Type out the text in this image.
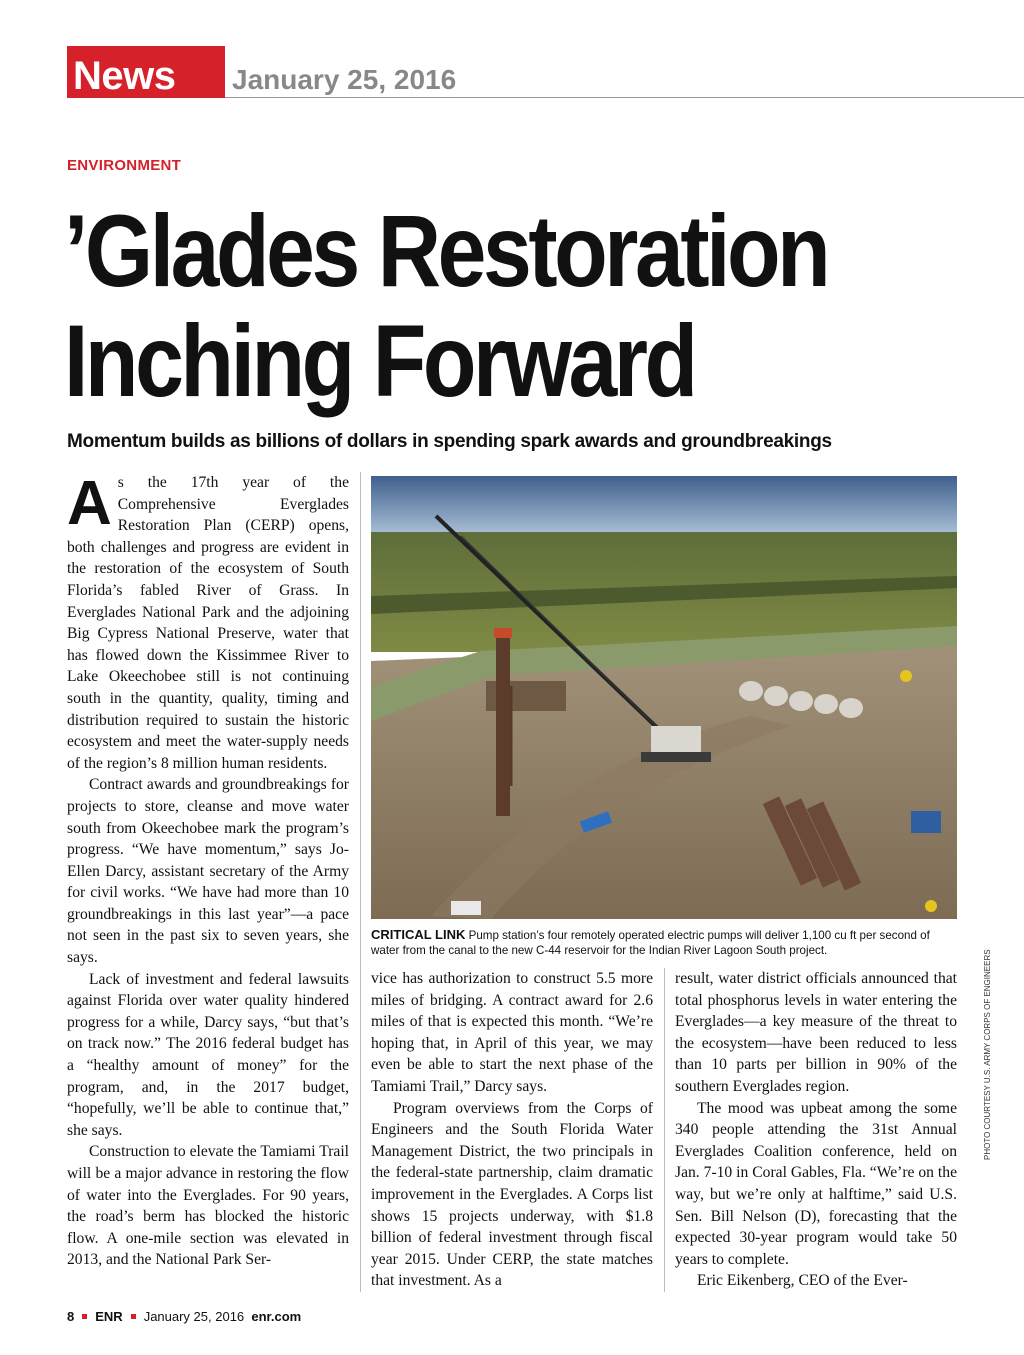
News January 25, 2016
ENVIRONMENT
’Glades Restoration
Inching Forward
Momentum builds as billions of dollars in spending spark awards and groundbreakings

As the 17th year of the Comprehensive Everglades Restoration Plan (CERP) opens, both challenges and progress are evident in the restoration of the ecosystem of South Florida’s fabled River of Grass. In Everglades National Park and the adjoining Big Cypress National Preserve, water that has flowed down the Kissimmee River to Lake Okeechobee still is not continuing south in the quantity, quality, timing and distribution required to sustain the historic ecosystem and meet the water-supply needs of the region’s 8 million human residents.

Contract awards and groundbreakings for projects to store, cleanse and move water south from Okeechobee mark the program’s progress. “We have momentum,” says Jo-Ellen Darcy, assistant secretary of the Army for civil works. “We have had more than 10 groundbreakings in this last year”—a pace not seen in the past six to seven years, she says.

Lack of investment and federal lawsuits against Florida over water quality hindered progress for a while, Darcy says, “but that’s on track now.” The 2016 federal budget has a “healthy amount of money” for the program, and, in the 2017 budget, “hopefully, we’ll be able to continue that,” she says.

Construction to elevate the Tamiami Trail will be a major advance in restoring the flow of water into the Everglades. For 90 years, the road’s berm has blocked the historic flow. A one-mile section was elevated in 2013, and the National Park Ser-

CRITICAL LINK Pump station’s four remotely operated electric pumps will deliver 1,100 cu ft per second of water from the canal to the new C-44 reservoir for the Indian River Lagoon South project.	PHOTO COURTESY U.S. ARMY CORPS OF ENGINEERS

vice has authorization to construct 5.5 more miles of bridging. A contract award for 2.6 miles of that is expected this month. “We’re hoping that, in April of this year, we may even be able to start the next phase of the Tamiami Trail,” Darcy says.

Program overviews from the Corps of Engineers and the South Florida Water Management District, the two principals in the federal-state partnership, claim dramatic improvement in the Everglades. A Corps list shows 15 projects underway, with $1.8 billion of federal investment through fiscal year 2015. Under CERP, the state matches that investment. As a

result, water district officials announced that total phosphorus levels in water entering the Everglades—a key measure of the threat to the ecosystem—have been reduced to less than 10 parts per billion in 90% of the southern Everglades region.

The mood was upbeat among the some 340 people attending the 31st Annual Everglades Coalition conference, held on Jan. 7-10 in Coral Gables, Fla. “We’re on the way, but we’re only at halftime,” said U.S. Sen. Bill Nelson (D), forecasting that the expected 30-year program would take 50 years to complete.

Eric Eikenberg, CEO of the Ever-

8 ENR January 25, 2016 enr.com
